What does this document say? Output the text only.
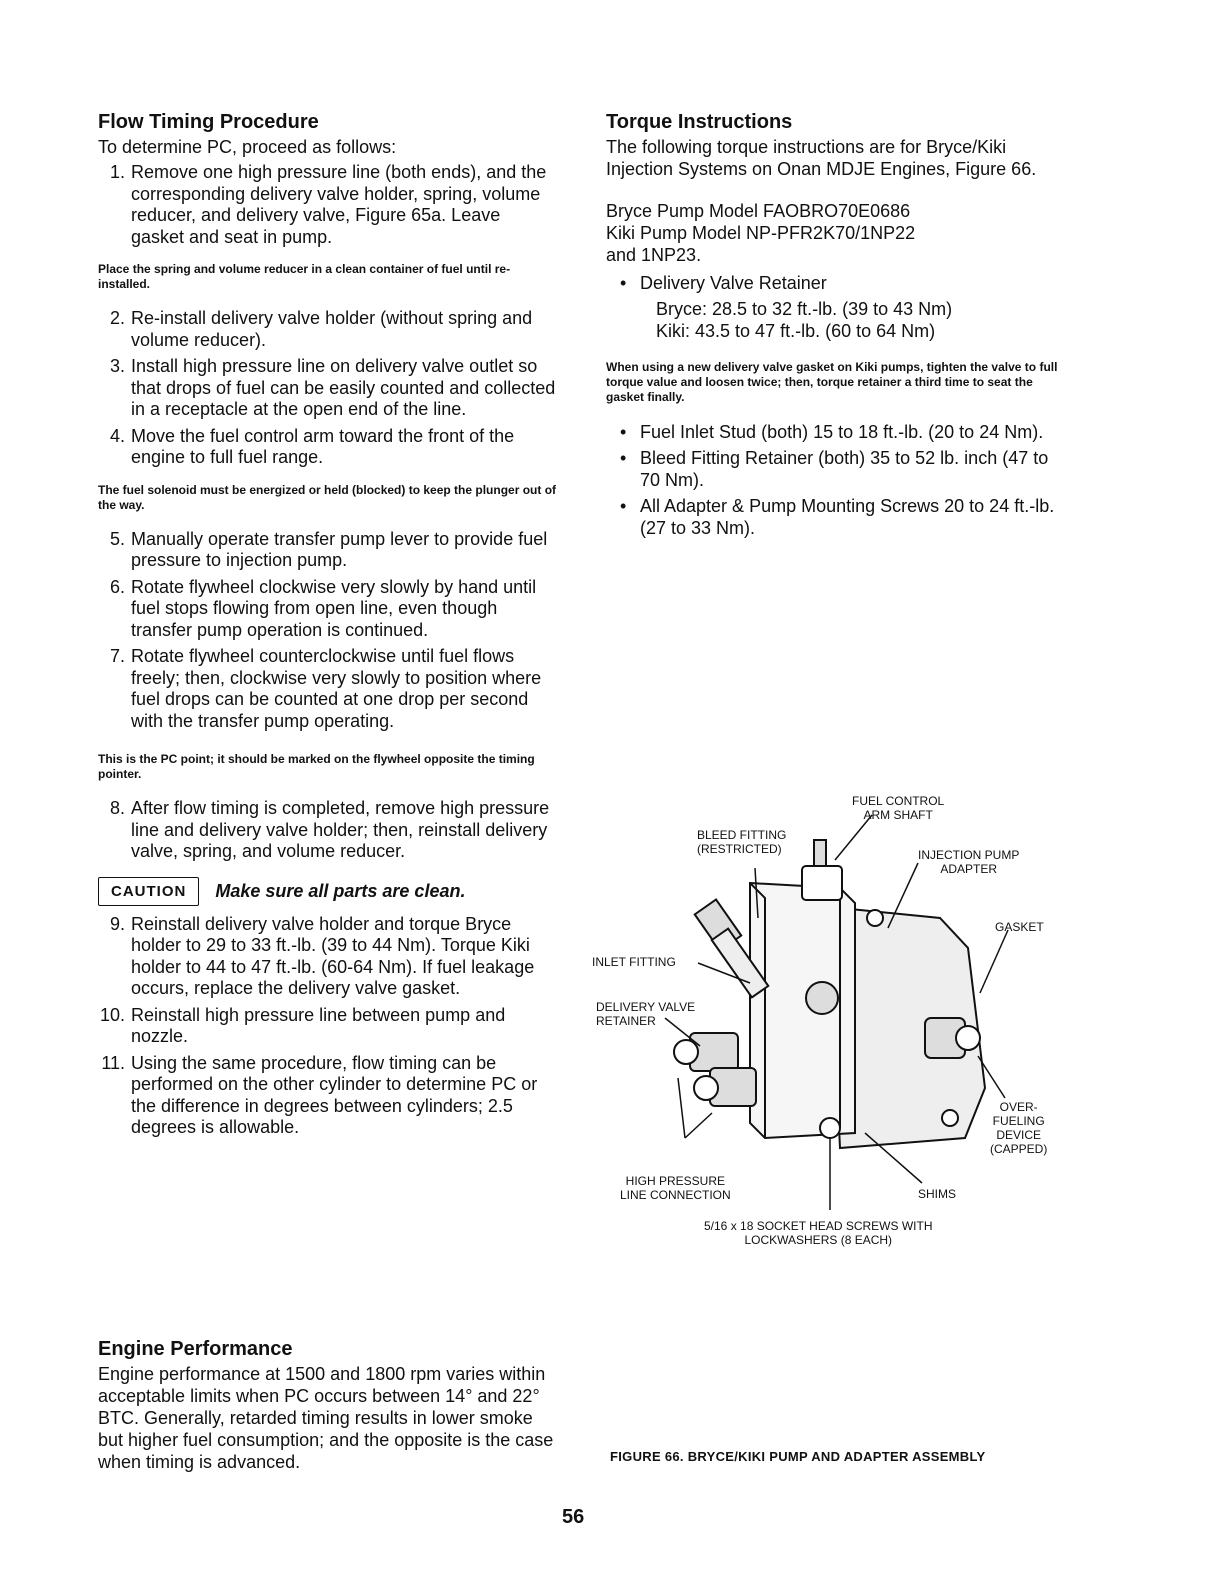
Flow Timing Procedure

To determine PC, proceed as follows:

1. Remove one high pressure line (both ends), and the corresponding delivery valve holder, spring, volume reducer, and delivery valve, Figure 65a. Leave gasket and seat in pump.
Place the spring and volume reducer in a clean container of fuel until re-installed.
2. Re-install delivery valve holder (without spring and volume reducer).
3. Install high pressure line on delivery valve outlet so that drops of fuel can be easily counted and collected in a receptacle at the open end of the line.
4. Move the fuel control arm toward the front of the engine to full fuel range.
The fuel solenoid must be energized or held (blocked) to keep the plunger out of the way.
5. Manually operate transfer pump lever to provide fuel pressure to injection pump.
6. Rotate flywheel clockwise very slowly by hand until fuel stops flowing from open line, even though transfer pump operation is continued.
7. Rotate flywheel counterclockwise until fuel flows freely; then, clockwise very slowly to position where fuel drops can be counted at one drop per second with the transfer pump operating.
This is the PC point; it should be marked on the flywheel opposite the timing pointer.
8. After flow timing is completed, remove high pressure line and delivery valve holder; then, reinstall delivery valve, spring, and volume reducer.
CAUTION	Make sure all parts are clean.
9. Reinstall delivery valve holder and torque Bryce holder to 29 to 33 ft.-lb. (39 to 44 Nm). Torque Kiki holder to 44 to 47 ft.-lb. (60-64 Nm). If fuel leakage occurs, replace the delivery valve gasket.
10. Reinstall high pressure line between pump and nozzle.
11. Using the same procedure, flow timing can be performed on the other cylinder to determine PC or the difference in degrees between cylinders; 2.5 degrees is allowable.
Engine Performance

Engine performance at 1500 and 1800 rpm varies within acceptable limits when PC occurs between 14° and 22° BTC. Generally, retarded timing results in lower smoke but higher fuel consumption; and the opposite is the case when timing is advanced.

Torque Instructions

The following torque instructions are for Bryce/Kiki Injection Systems on Onan MDJE Engines, Figure 66.

Bryce Pump Model FAOBRO70E0686

Kiki Pump Model NP-PFR2K70/1NP22

and 1NP23.

• Delivery Valve Retainer
Bryce: 28.5 to 32 ft.-lb. (39 to 43 Nm)
Kiki: 43.5 to 47 ft.-lb. (60 to 64 Nm)
When using a new delivery valve gasket on Kiki pumps, tighten the valve to full torque value and loosen twice; then, torque retainer a third time to seat the gasket finally.
• Fuel Inlet Stud (both) 15 to 18 ft.-lb. (20 to 24 Nm).
• Bleed Fitting Retainer (both) 35 to 52 lb. inch (47 to 70 Nm).
• All Adapter & Pump Mounting Screws 20 to 24 ft.-lb. (27 to 33 Nm).
FUEL CONTROL
ARM SHAFT
BLEED FITTING
(RESTRICTED)	INJECTION PUMP
ADAPTER
GASKET
INLET FITTING
DELIVERY VALVE
RETAINER
OVER-
FUELING
DEVICE
(CAPPED)
HIGH PRESSURE
LINE CONNECTION	SHIMS
5/16 x 18 SOCKET HEAD SCREWS WITH
LOCKWASHERS (8 EACH)
FIGURE 66. BRYCE/KIKI PUMP AND ADAPTER ASSEMBLY
56
